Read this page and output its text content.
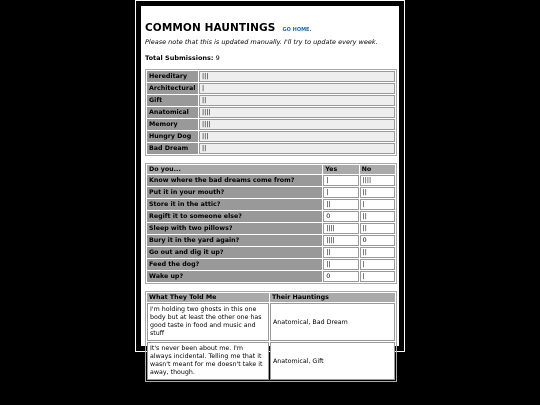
COMMON HAUNTINGS GO HOME.
Please note that this is updated manually. I'll try to update every week.
Total Submissions: 9
Hereditary	|||
Architectural	|
Gift	||
Anatomical	||||
Memory	||||
Hungry Dog	|||
Bad Dream	||
Do you...	Yes	No
Know where the bad dreams come from?	|	||||
Put it in your mouth?	|	||
Store it in the attic?	||	|
Regift it to someone else?	0	||
Sleep with two pillows?	||||	||
Bury it in the yard again?	||||	0
Go out and dig it up?	||	||
Feed the dog?	||	|
Wake up?	0	|
What They Told Me	Their Hauntings
I'm holding two ghosts in this one body but at least the other one has good taste in food and music and stuff	Anatomical, Bad Dream
It's never been about me. I'm always incidental. Telling me that it wasn't meant for me doesn't take it away, though.	Anatomical, Gift
